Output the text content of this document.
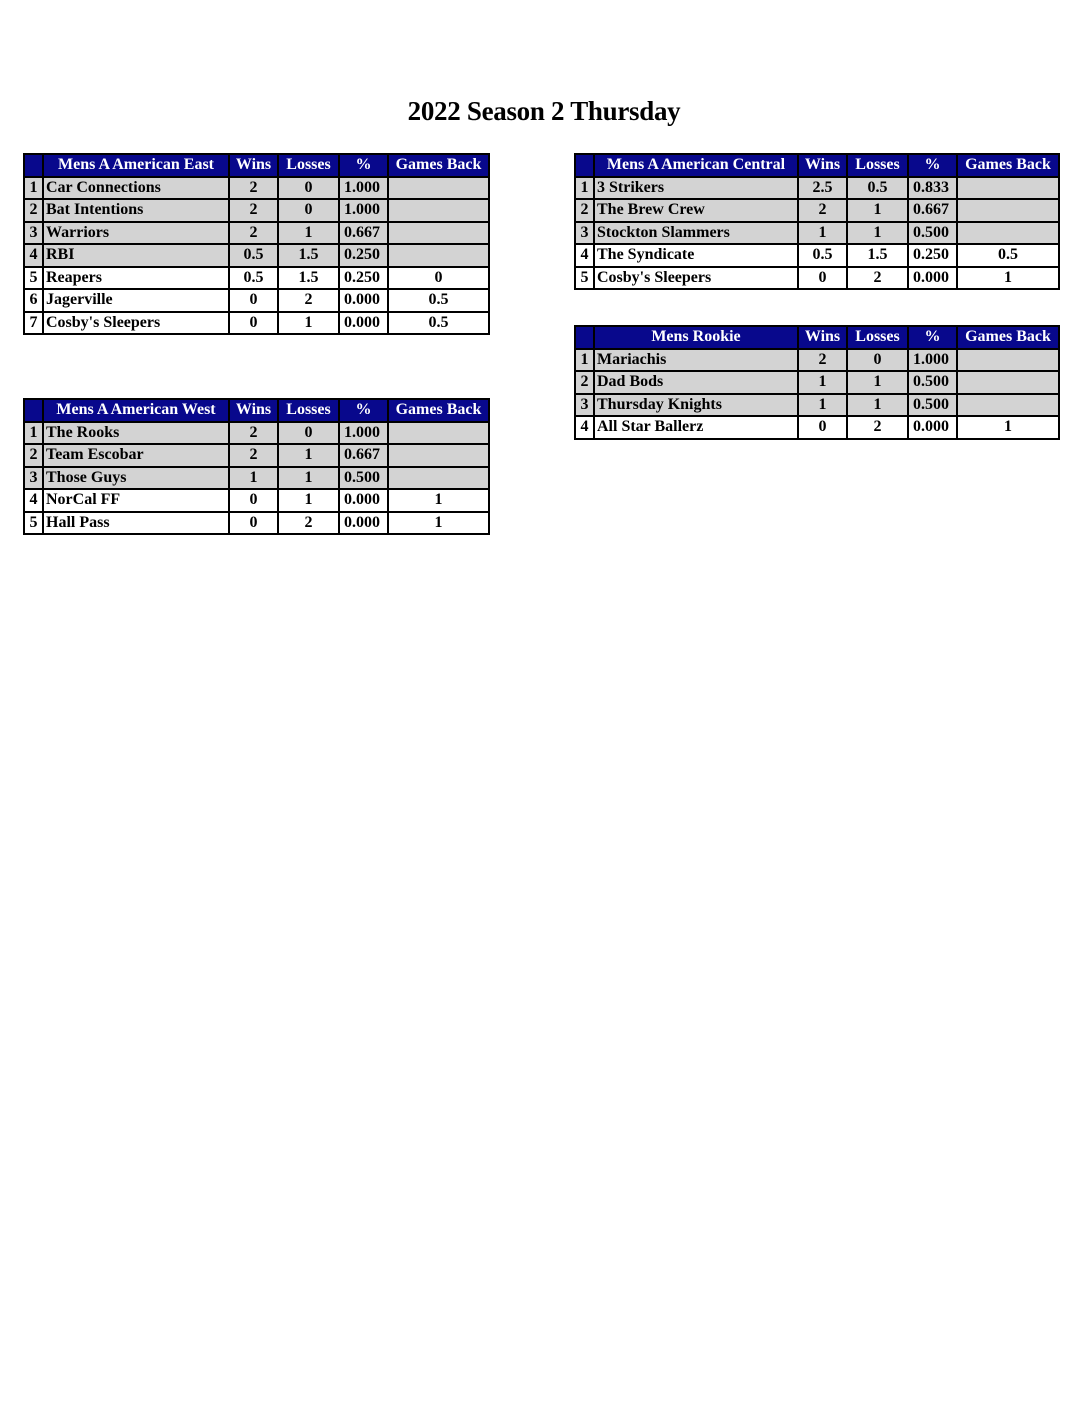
2022 Season 2 Thursday
	Mens A American East	Wins	Losses	%	Games Back
1	Car Connections	2	0	1.000	
2	Bat Intentions	2	0	1.000	
3	Warriors	2	1	0.667	
4	RBI	0.5	1.5	0.250	
5	Reapers	0.5	1.5	0.250	0
6	Jagerville	0	2	0.000	0.5
7	Cosby's Sleepers	0	1	0.000	0.5
	Mens A American West	Wins	Losses	%	Games Back
1	The Rooks	2	0	1.000	
2	Team Escobar	2	1	0.667	
3	Those Guys	1	1	0.500	
4	NorCal FF	0	1	0.000	1
5	Hall Pass	0	2	0.000	1
	Mens A American Central	Wins	Losses	%	Games Back
1	3 Strikers	2.5	0.5	0.833	
2	The Brew Crew	2	1	0.667	
3	Stockton Slammers	1	1	0.500	
4	The Syndicate	0.5	1.5	0.250	0.5
5	Cosby's Sleepers	0	2	0.000	1
	Mens Rookie	Wins	Losses	%	Games Back
1	Mariachis	2	0	1.000	
2	Dad Bods	1	1	0.500	
3	Thursday Knights	1	1	0.500	
4	All Star Ballerz	0	2	0.000	1
